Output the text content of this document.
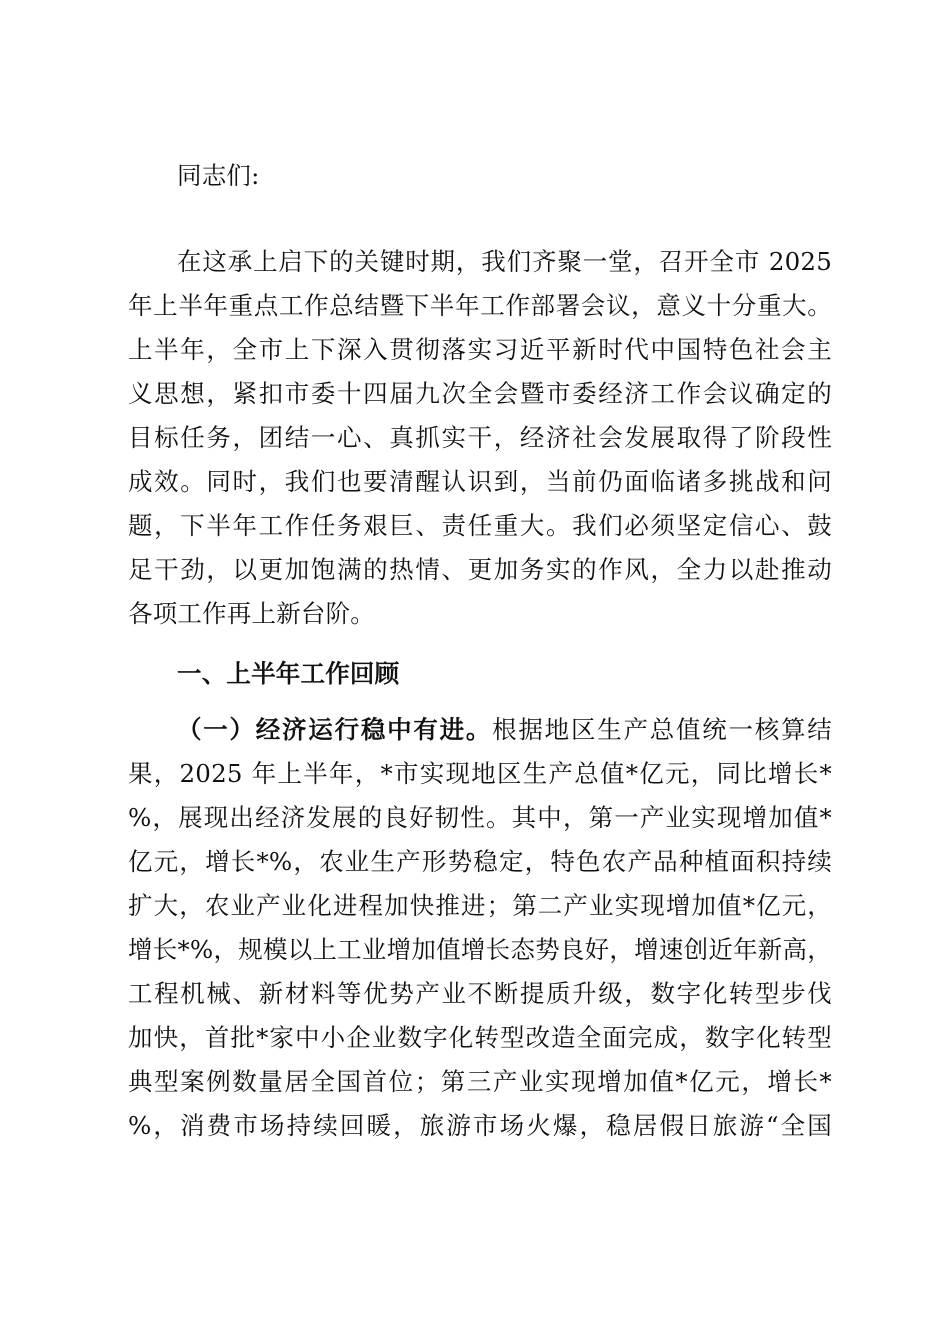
同志们:
在这承上启下的关键时期，我们齐聚一堂，召开全市 2025
年上半年重点工作总结暨下半年工作部署会议，意义十分重大。
上半年，全市上下深入贯彻落实习近平新时代中国特色社会主
义思想，紧扣市委十四届九次全会暨市委经济工作会议确定的
目标任务，团结一心、真抓实干，经济社会发展取得了阶段性
成效。同时，我们也要清醒认识到，当前仍面临诸多挑战和问
题，下半年工作任务艰巨、责任重大。我们必须坚定信心、鼓
足干劲，以更加饱满的热情、更加务实的作风，全力以赴推动
各项工作再上新台阶。
一、上半年工作回顾
（一）经济运行稳中有进。根据地区生产总值统一核算结
果，2025 年上半年，*市实现地区生产总值*亿元，同比增长*
%，展现出经济发展的良好韧性。其中，第一产业实现增加值*
亿元，增长*%，农业生产形势稳定，特色农产品种植面积持续
扩大，农业产业化进程加快推进；第二产业实现增加值*亿元，
增长*%，规模以上工业增加值增长态势良好，增速创近年新高，
工程机械、新材料等优势产业不断提质升级，数字化转型步伐
加快，首批*家中小企业数字化转型改造全面完成，数字化转型
典型案例数量居全国首位；第三产业实现增加值*亿元，增长*
%，消费市场持续回暖，旅游市场火爆，稳居假日旅游“全国
